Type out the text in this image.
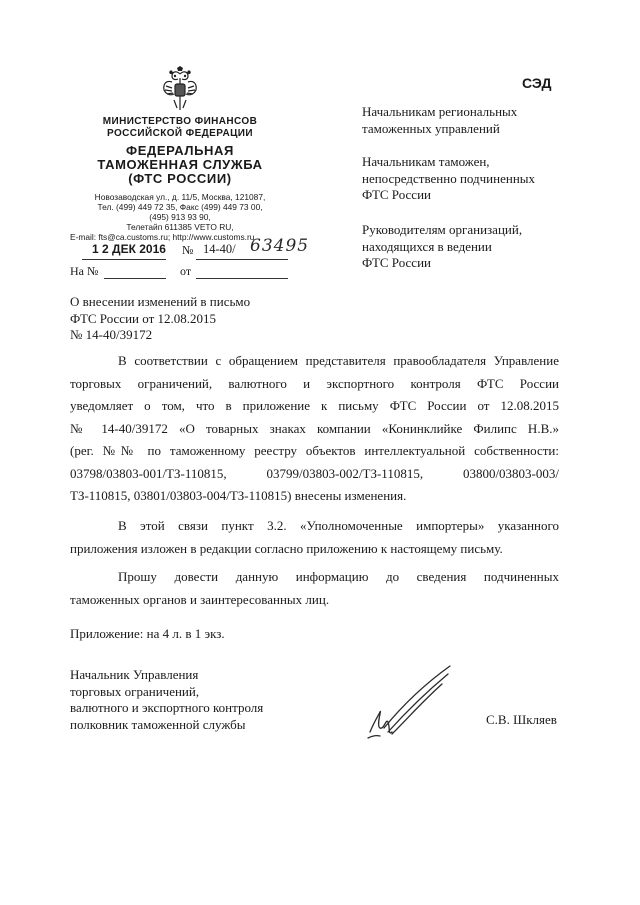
МИНИСТЕРСТВО ФИНАНСОВ
РОССИЙСКОЙ ФЕДЕРАЦИИ
ФЕДЕРАЛЬНАЯ
ТАМОЖЕННАЯ СЛУЖБА
(ФТС РОССИИ)
Новозаводская ул., д. 11/5, Москва, 121087,
Тел. (499) 449 72 35, Факс (499) 449 73 00,
(495) 913 93 90,
Телетайп 611385 VETO RU,
E-mail: fts@ca.customs.ru; http://www.customs.ru
1 2 ДЕК 2016 № 14-40/ 63495
На №	от
СЭД
Начальникам региональных
таможенных управлений
Начальникам таможен,
непосредственно подчиненных
ФТС России
Руководителям организаций,
находящихся в ведении
ФТС России
О внесении изменений в письмо
ФТС России от 12.08.2015
№ 14-40/39172
В соответствии с обращением представителя правообладателя Управление
торговых ограничений, валютного и экспортного контроля ФТС России
уведомляет о том, что в приложение к письму ФТС России от 12.08.2015
№ 14-40/39172 «О товарных знаках компании «Конинклийке Филипс Н.В.»
(рег. №№ по таможенному реестру объектов интеллектуальной собственности:
03798/03803-001/ТЗ-110815, 03799/03803-002/ТЗ-110815, 03800/03803-003/
ТЗ-110815, 03801/03803-004/ТЗ-110815) внесены изменения.
В этой связи пункт 3.2. «Уполномоченные импортеры» указанного
приложения изложен в редакции согласно приложению к настоящему письму.
Прошу довести данную информацию до сведения подчиненных
таможенных органов и заинтересованных лиц.
Приложение: на 4 л. в 1 экз.
Начальник Управления
торговых ограничений,
валютного и экспортного контроля
полковник таможенной службы	С.В. Шкляев
